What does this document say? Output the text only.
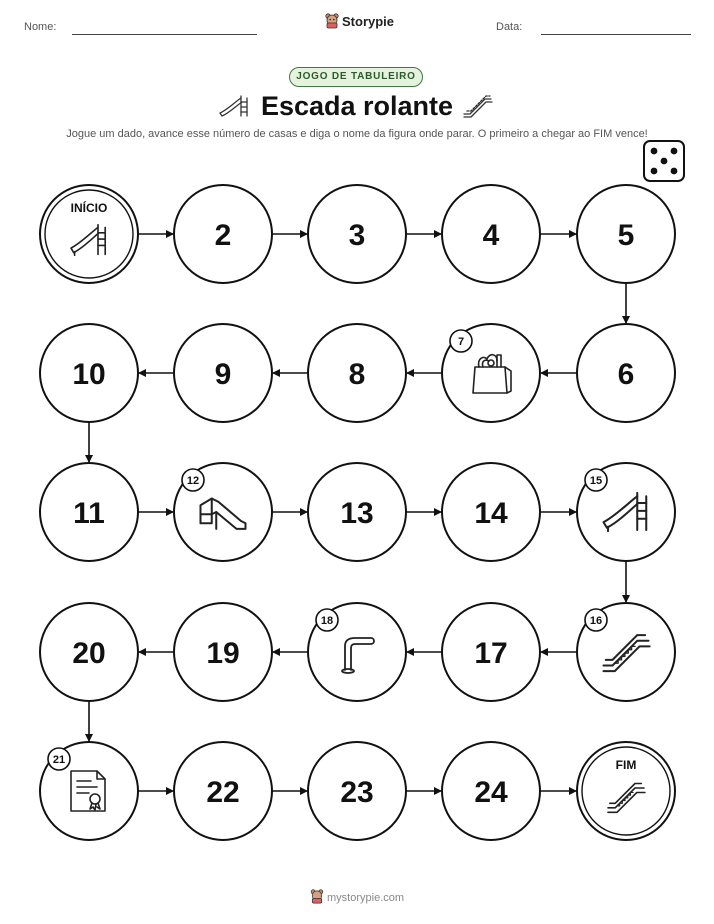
Nome:	Data:
Storypie
JOGO DE TABULEIRO
Escada rolante
Jogue um dado, avance esse número de casas e diga o nome da figura onde parar. O primeiro a chegar ao FIM vence!
INÍCIO
2	3	4	5
6
7
8
9
10
11
12
13	14
15
16
17
18
19
20
21
22	23	24
FIM
mystorypie.com
